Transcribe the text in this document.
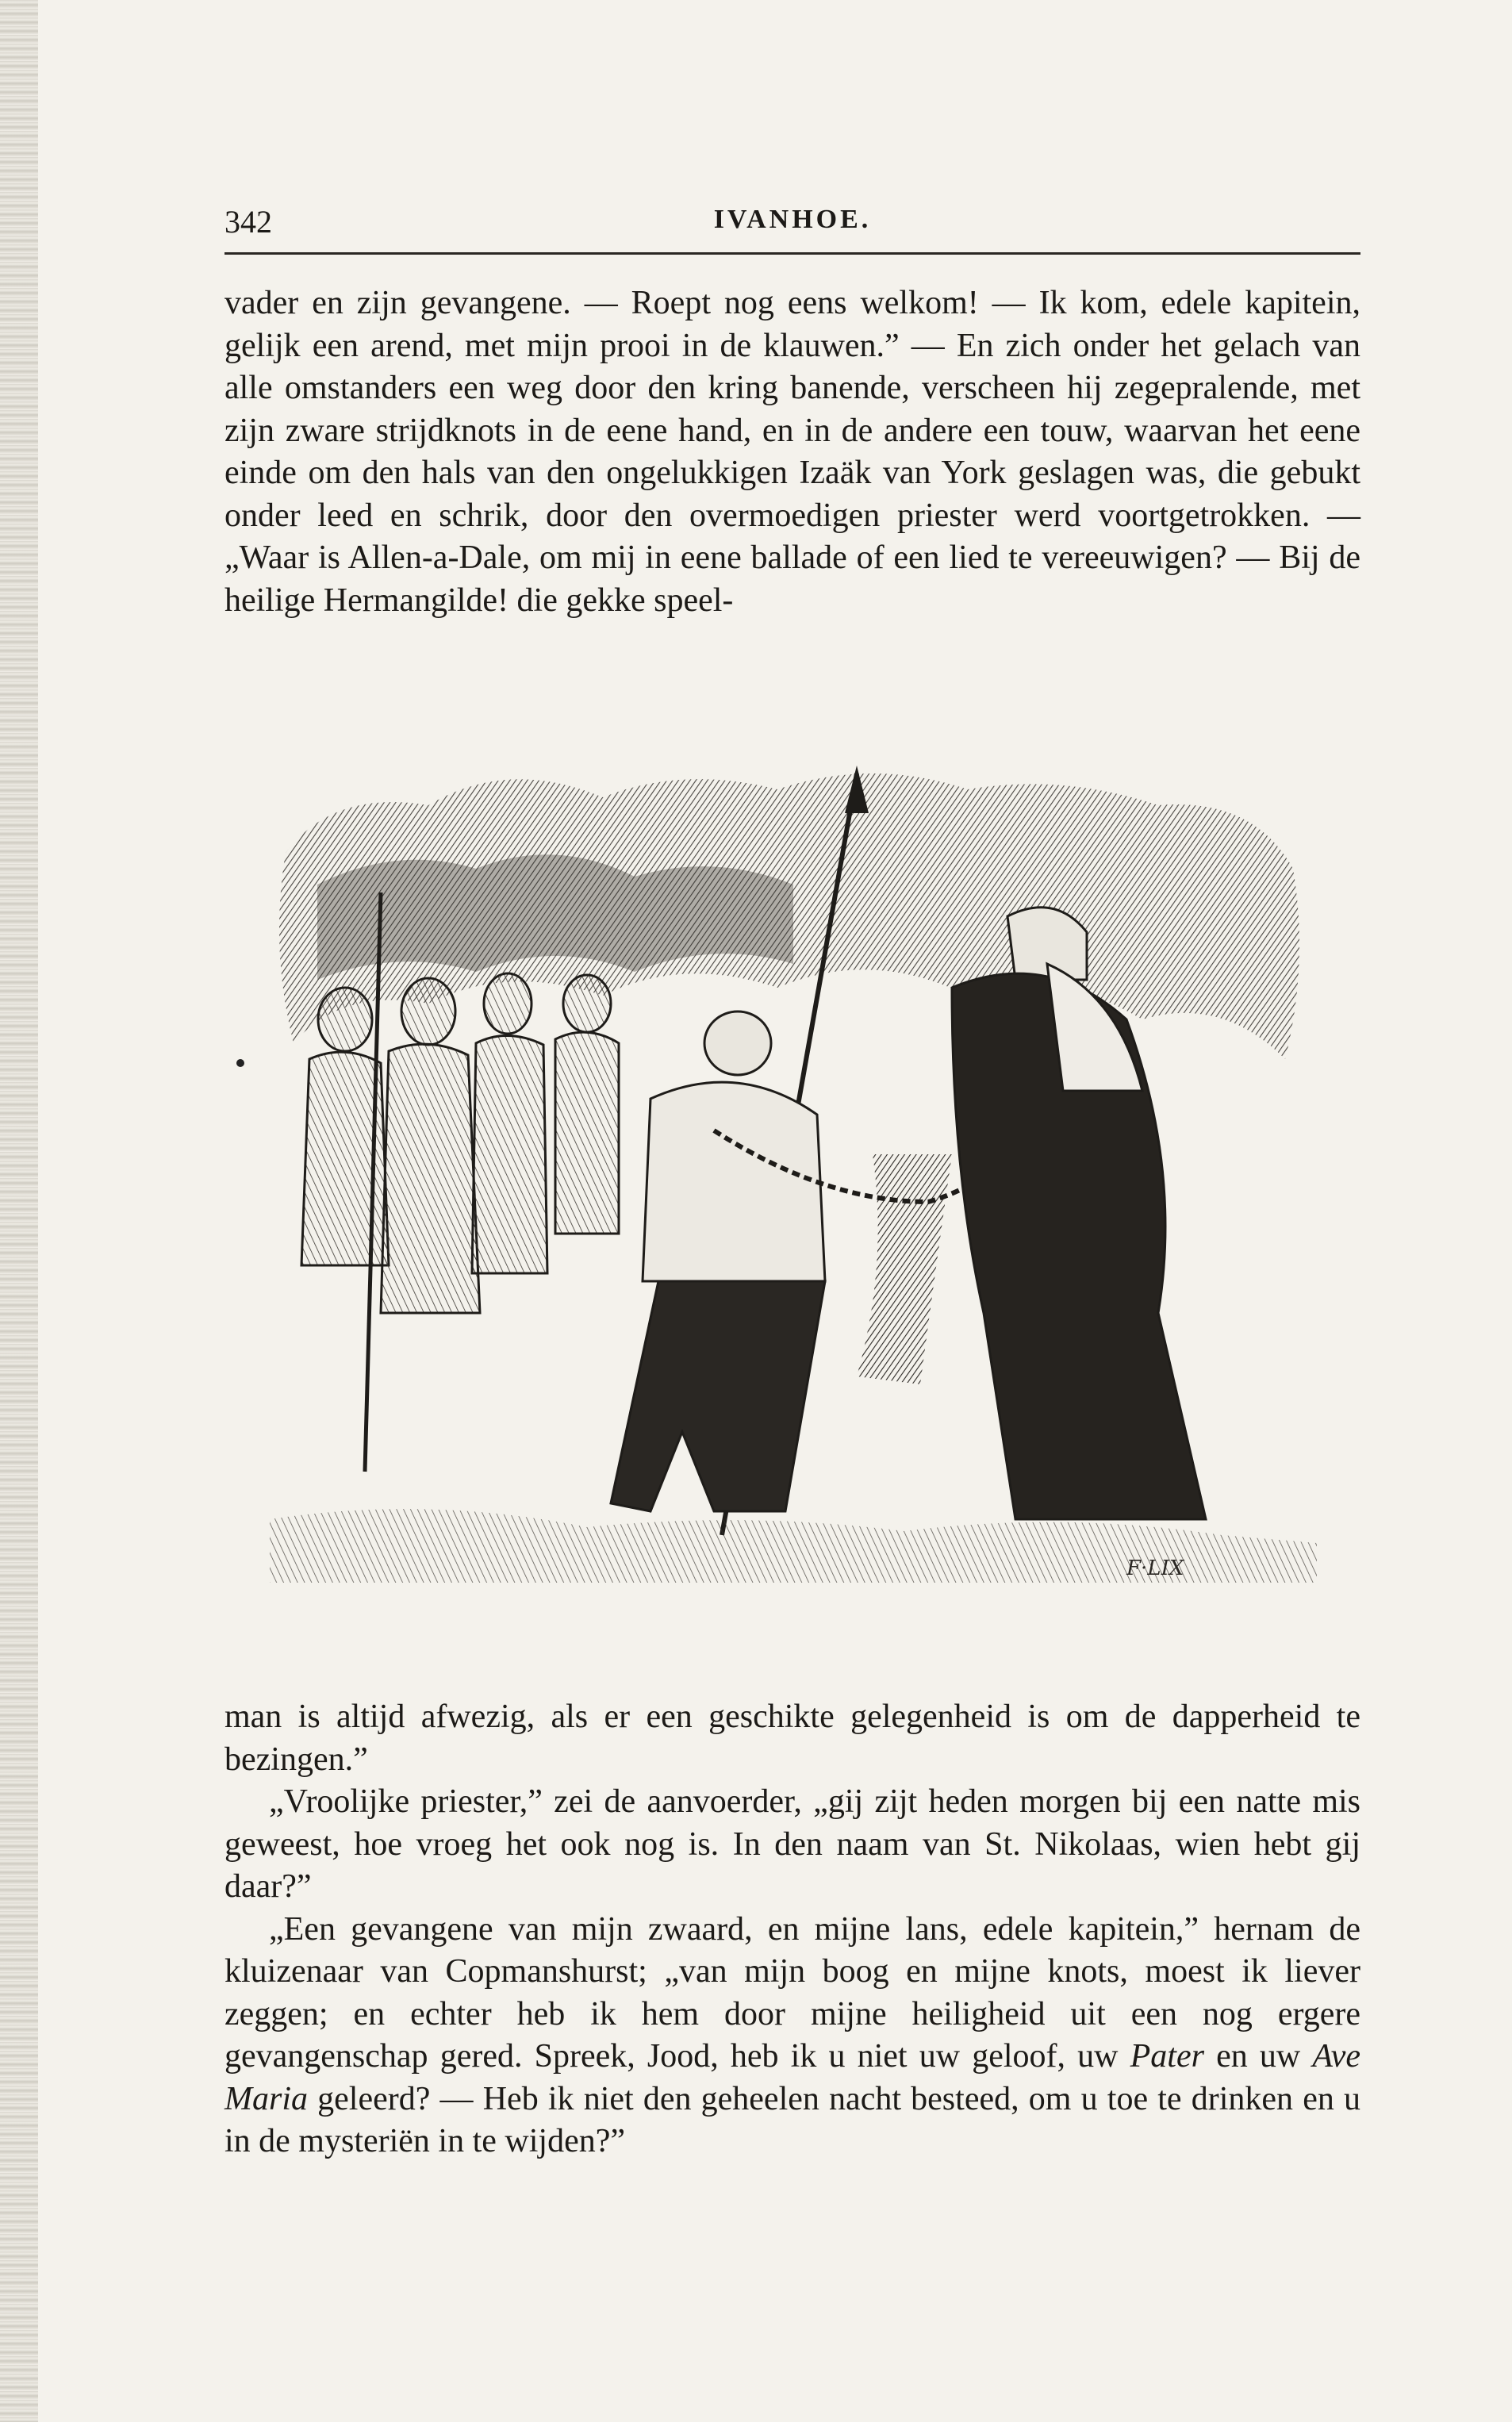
342	IVANHOE.

vader en zijn gevangene. — Roept nog eens welkom! — Ik kom, edele kapitein, gelijk een arend, met mijn prooi in de klauwen.” — En zich onder het gelach van alle omstanders een weg door den kring banende, verscheen hij zegepralende, met zijn zware strijdknots in de eene hand, en in de andere een touw, waarvan het eene einde om den hals van den ongelukkigen Izaäk van York geslagen was, die gebukt onder leed en schrik, door den overmoedigen priester werd voortgetrokken. — „Waar is Allen-a-Dale, om mij in eene ballade of een lied te vereeuwigen? — Bij de heilige Hermangilde! die gekke speel-

F·LIX

man is altijd afwezig, als er een geschikte gelegenheid is om de dapperheid te bezingen.”

„Vroolijke priester,” zei de aanvoerder, „gij zijt heden morgen bij een natte mis geweest, hoe vroeg het ook nog is. In den naam van St. Nikolaas, wien hebt gij daar?”

„Een gevangene van mijn zwaard, en mijne lans, edele kapitein,” hernam de kluizenaar van Copmanshurst; „van mijn boog en mijne knots, moest ik liever zeggen; en echter heb ik hem door mijne heiligheid uit een nog ergere gevangenschap gered. Spreek, Jood, heb ik u niet uw geloof, uw Pater en uw Ave Maria geleerd? — Heb ik niet den geheelen nacht besteed, om u toe te drinken en u in de mysteriën in te wijden?”
